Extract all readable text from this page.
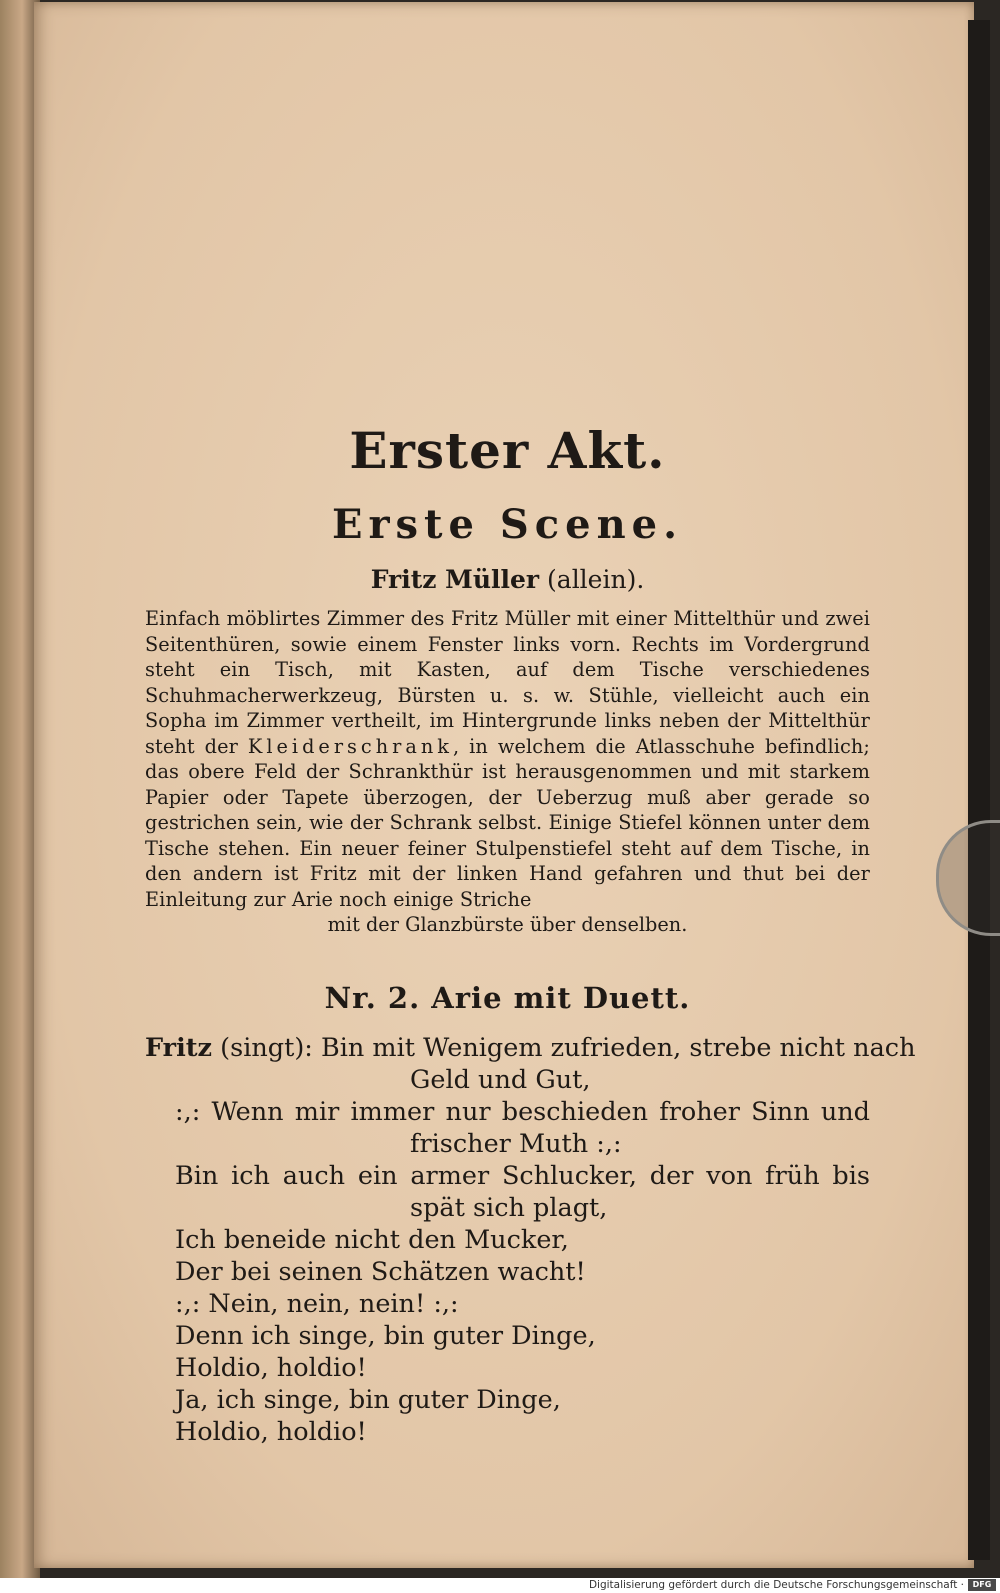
Erster Akt.
Erste Scene.
Fritz Müller (allein).
Einfach möblirtes Zimmer des Fritz Müller mit einer Mittelthür und zwei Seitenthüren, sowie einem Fenster links vorn. Rechts im Vordergrund steht ein Tisch, mit Kasten, auf dem Tische verschiedenes Schuhmacherwerkzeug, Bürsten u. s. w. Stühle, vielleicht auch ein Sopha im Zimmer vertheilt, im Hintergrunde links neben der Mittelthür steht der Kleiderschrank, in welchem die Atlasschuhe befindlich; das obere Feld der Schrankthür ist herausgenommen und mit starkem Papier oder Tapete überzogen, der Ueberzug muß aber gerade so gestrichen sein, wie der Schrank selbst. Einige Stiefel können unter dem Tische stehen. Ein neuer feiner Stulpenstiefel steht auf dem Tische, in den andern ist Fritz mit der linken Hand gefahren und thut bei der Einleitung zur Arie noch einige Striche
mit der Glanzbürste über denselben.
Nr. 2. Arie mit Duett.
Fritz (singt): Bin mit Wenigem zufrieden, strebe nicht nach
Geld und Gut,
:,: Wenn mir immer nur beschieden froher Sinn und
frischer Muth :,:
Bin ich auch ein armer Schlucker, der von früh bis
spät sich plagt,
Ich beneide nicht den Mucker,
Der bei seinen Schätzen wacht!
:,: Nein, nein, nein! :,:
Denn ich singe, bin guter Dinge,
Holdio, holdio!
Ja, ich singe, bin guter Dinge,
Holdio, holdio!
Digitalisierung gefördert durch die Deutsche Forschungsgemeinschaft ·	DFG
